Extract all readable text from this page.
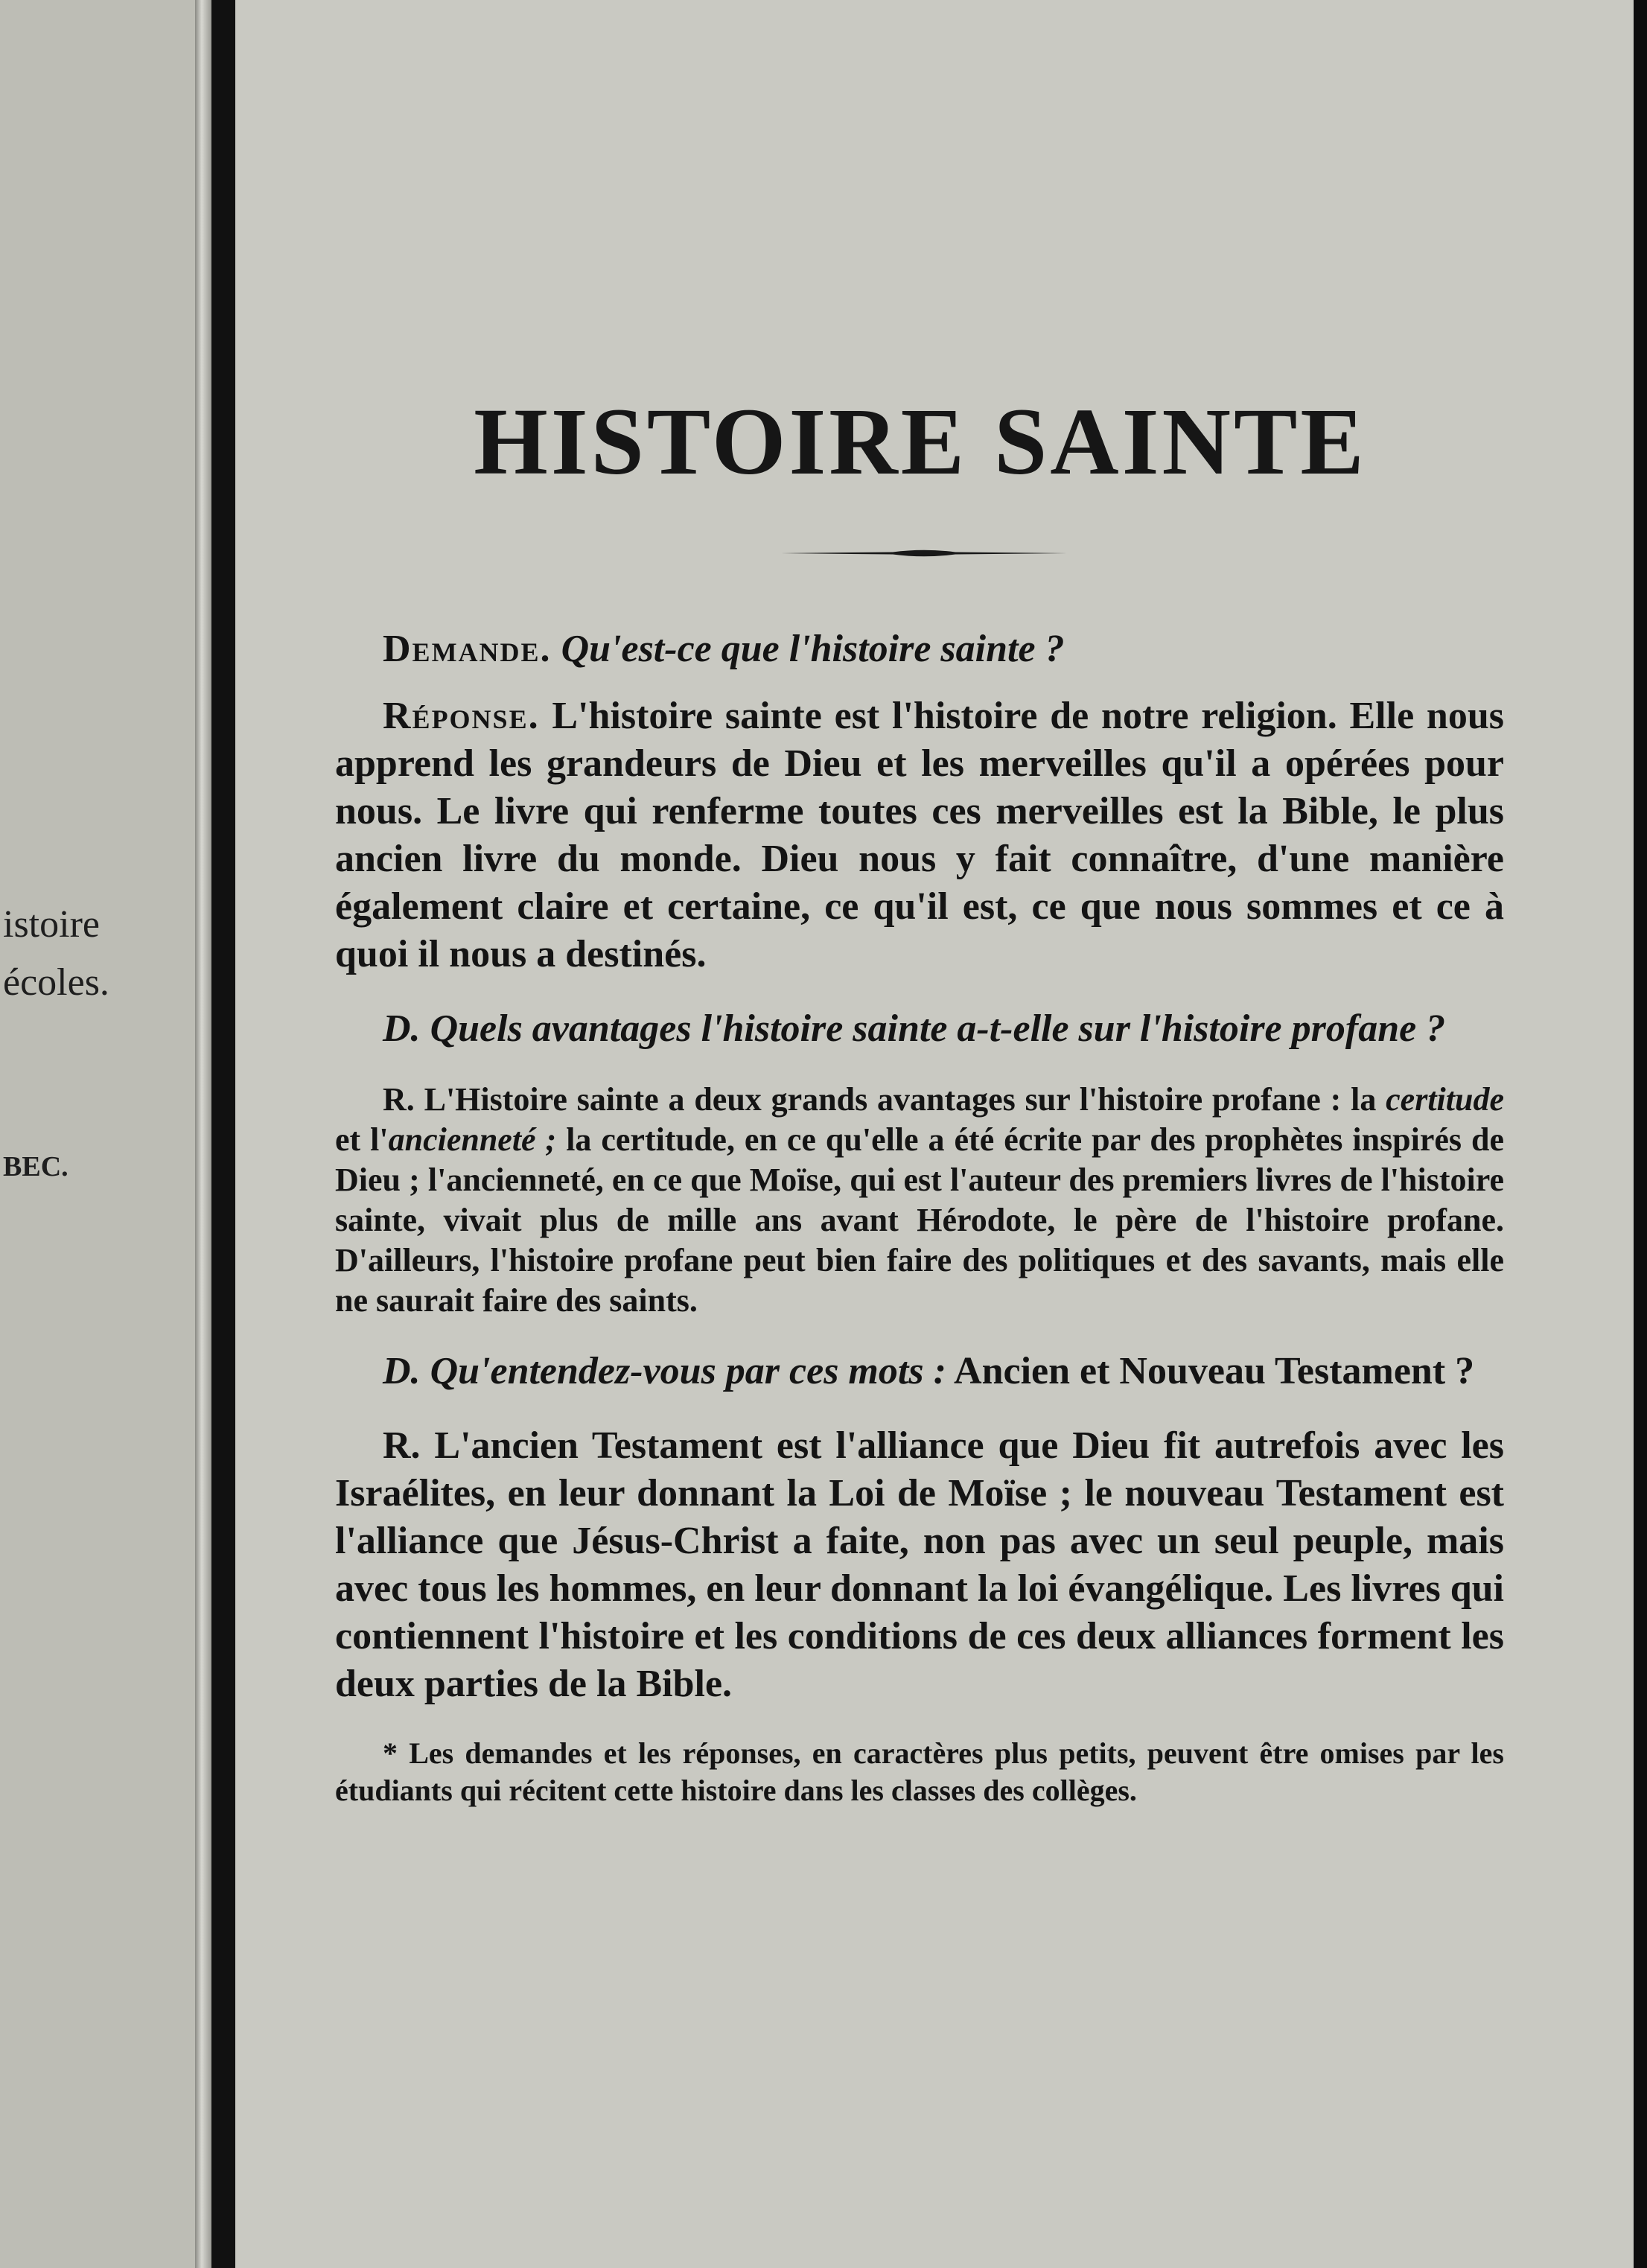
istoire
écoles.
BEC.
HISTOIRE SAINTE

Demande. Qu'est-ce que l'histoire sainte ?

Réponse. L'histoire sainte est l'histoire de notre religion. Elle nous apprend les grandeurs de Dieu et les merveilles qu'il a opérées pour nous. Le livre qui renferme toutes ces merveilles est la Bible, le plus ancien livre du monde. Dieu nous y fait connaître, d'une manière également claire et certaine, ce qu'il est, ce que nous sommes et ce à quoi il nous a destinés.

D. Quels avantages l'histoire sainte a-t-elle sur l'histoire profane ?

R. L'Histoire sainte a deux grands avantages sur l'histoire profane : la certitude et l'ancienneté ; la certitude, en ce qu'elle a été écrite par des prophètes inspirés de Dieu ; l'ancienneté, en ce que Moïse, qui est l'auteur des premiers livres de l'histoire sainte, vivait plus de mille ans avant Hérodote, le père de l'histoire profane. D'ailleurs, l'histoire profane peut bien faire des politiques et des savants, mais elle ne saurait faire des saints.

D. Qu'entendez-vous par ces mots : Ancien et Nouveau Testament ?

R. L'ancien Testament est l'alliance que Dieu fit autrefois avec les Israélites, en leur donnant la Loi de Moïse ; le nouveau Testament est l'alliance que Jésus-Christ a faite, non pas avec un seul peuple, mais avec tous les hommes, en leur donnant la loi évangélique. Les livres qui contiennent l'histoire et les conditions de ces deux alliances forment les deux parties de la Bible.

* Les demandes et les réponses, en caractères plus petits, peuvent être omises par les étudiants qui récitent cette histoire dans les classes des collèges.
